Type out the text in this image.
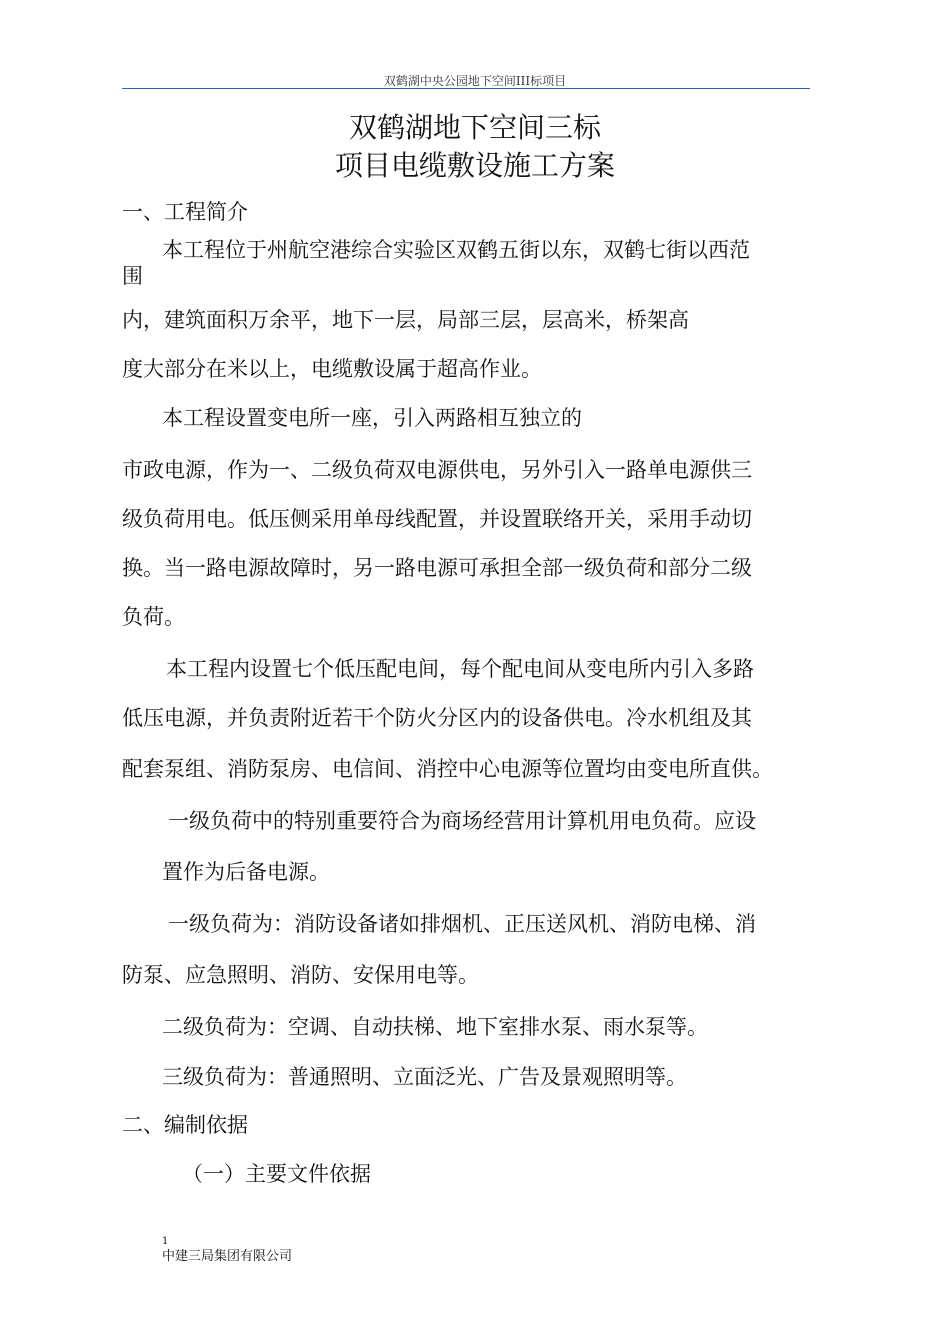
双鹤湖中央公园地下空间III标项目
双鹤湖地下空间三标
项目电缆敷设施工方案
一、工程简介
本工程位于州航空港综合实验区双鹤五街以东，双鹤七街以西范
围
内，建筑面积万余平，地下一层，局部三层，层高米，桥架高
度大部分在米以上，电缆敷设属于超高作业。
本工程设置变电所一座，引入两路相互独立的
市政电源，作为一、二级负荷双电源供电，另外引入一路单电源供三
级负荷用电。低压侧采用单母线配置，并设置联络开关，采用手动切
换。当一路电源故障时，另一路电源可承担全部一级负荷和部分二级
负荷。
本工程内设置七个低压配电间，每个配电间从变电所内引入多路
低压电源，并负责附近若干个防火分区内的设备供电。冷水机组及其
配套泵组、消防泵房、电信间、消控中心电源等位置均由变电所直供。
一级负荷中的特别重要符合为商场经营用计算机用电负荷。应设
置作为后备电源。
一级负荷为：消防设备诸如排烟机、正压送风机、消防电梯、消
防泵、应急照明、消防、安保用电等。
二级负荷为：空调、自动扶梯、地下室排水泵、雨水泵等。
三级负荷为：普通照明、立面泛光、广告及景观照明等。
二、编制依据
（一）主要文件依据
1
中建三局集团有限公司
